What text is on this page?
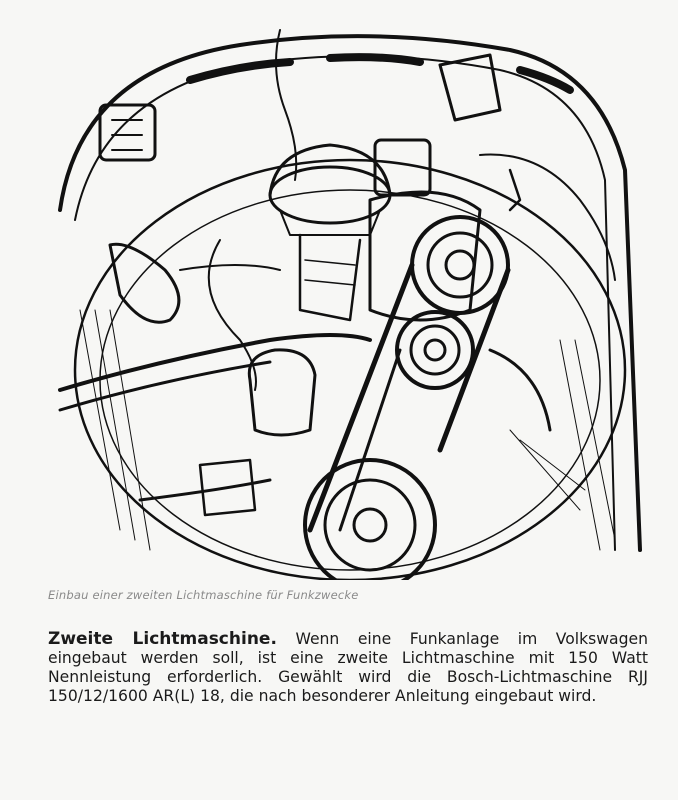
Einbau einer zweiten Lichtmaschine für Funkzwecke

Zweite Lichtmaschine. Wenn eine Funkanlage im Volkswagen eingebaut werden soll, ist eine zweite Lichtmaschine mit 150 Watt Nennleistung erforderlich. Gewählt wird die Bosch-Lichtmaschine RJJ 150/12/1600 AR(L) 18, die nach besonderer Anleitung eingebaut wird.
